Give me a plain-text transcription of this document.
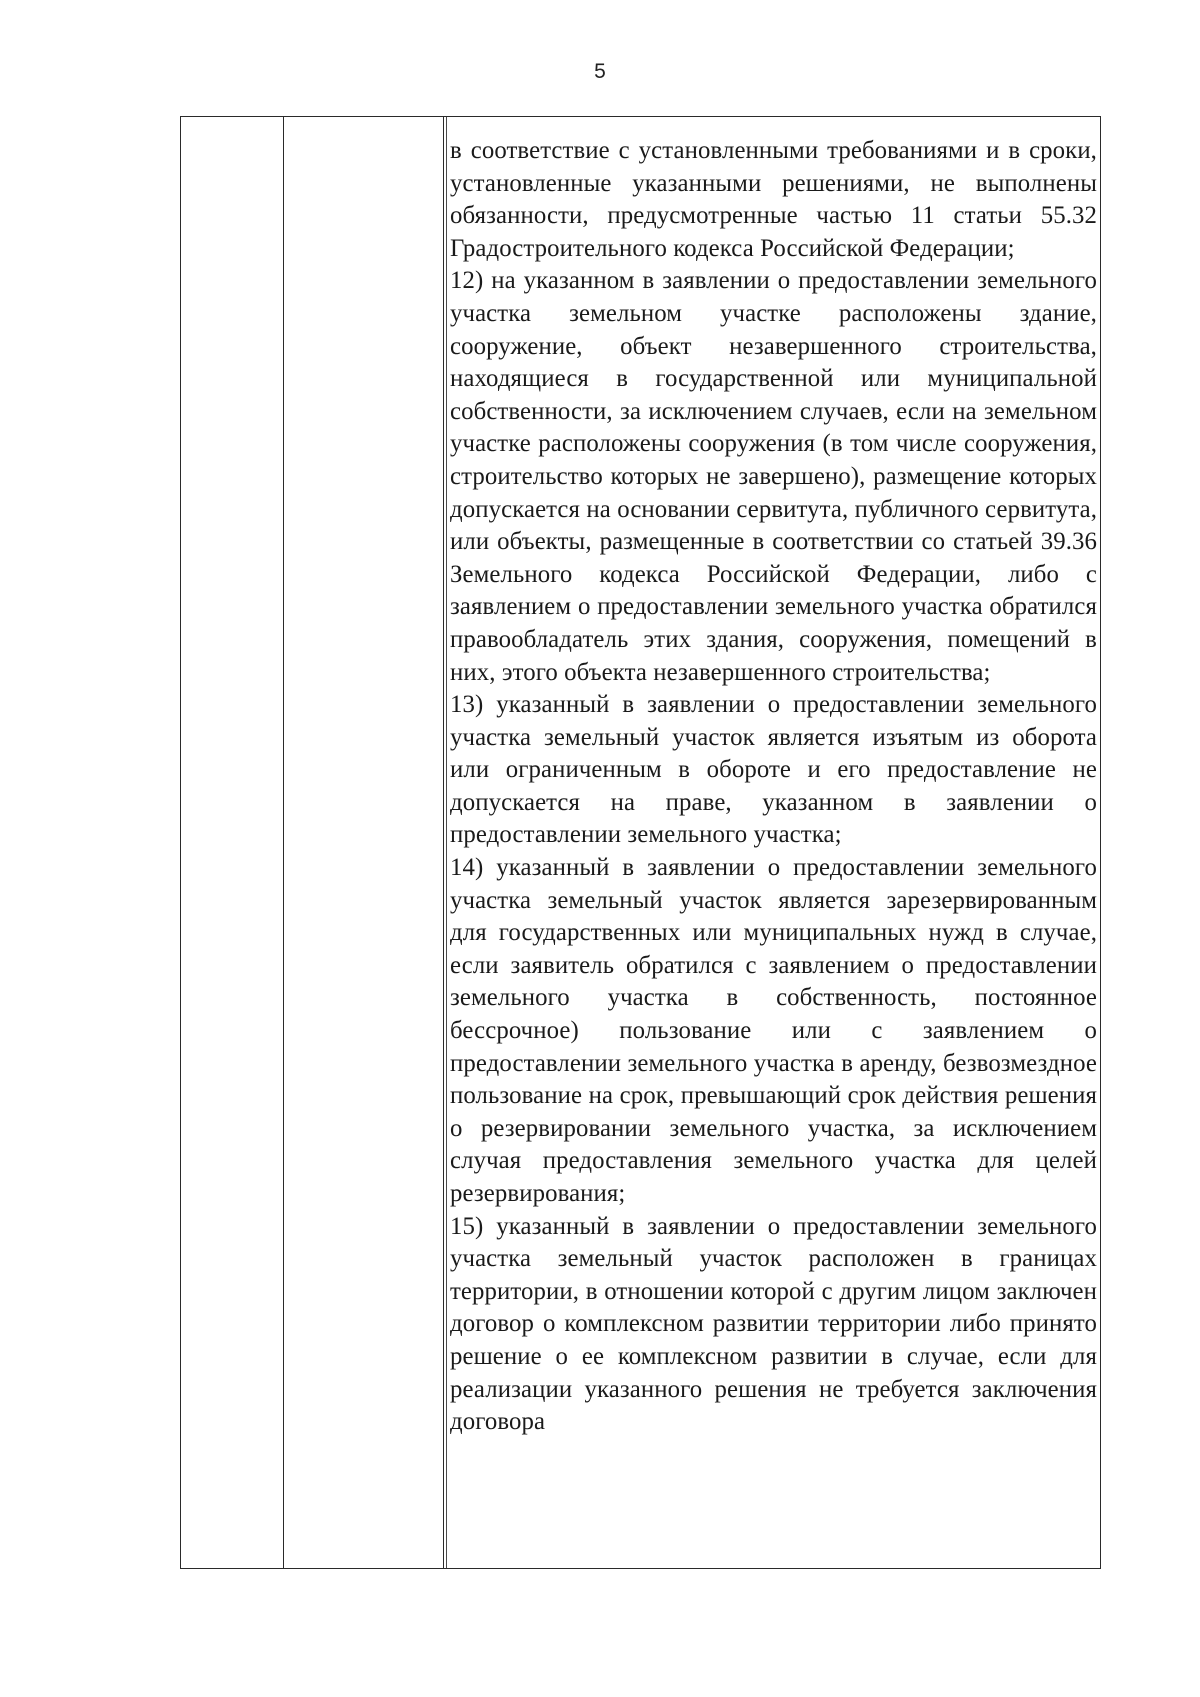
5

в соответствие с установленными требованиями и в сроки, установленные указанными решениями, не выполнены обязанности, предусмотренные частью 11 статьи 55.32 Градостроительного кодекса Российской Федерации;

12) на указанном в заявлении о предоставлении земельного участка земельном участке расположены здание, сооружение, объект незавершенного строительства, находящиеся в государственной или муниципальной собственности, за исключением случаев, если на земельном участке расположены сооружения (в том числе сооружения, строительство которых не завершено), размещение которых допускается на основании сервитута, публичного сервитута, или объекты, размещенные в соответствии со статьей 39.36 Земельного кодекса Российской Федерации, либо с заявлением о предоставлении земельного участка обратился правообладатель этих здания, сооружения, помещений в них, этого объекта незавершенного строительства;

13) указанный в заявлении о предоставлении земельного участка земельный участок является изъятым из оборота или ограниченным в обороте и его предоставление не допускается на праве, указанном в заявлении о предоставлении земельного участка;

14) указанный в заявлении о предоставлении земельного участка земельный участок является зарезервированным для государственных или муниципальных нужд в случае, если заявитель обратился с заявлением о предоставлении земельного участка в собственность, постоянное бессрочное) пользование или с заявлением о предоставлении земельного участка в аренду, безвозмездное пользование на срок, превышающий срок действия решения о резервировании земельного участка, за исключением случая предоставления земельного участка для целей резервирования;

15) указанный в заявлении о предоставлении земельного участка земельный участок расположен в границах территории, в отношении которой с другим лицом заключен договор о комплексном развитии территории либо принято решение о ее комплексном развитии в случае, если для реализации указанного решения не требуется заключения договора
